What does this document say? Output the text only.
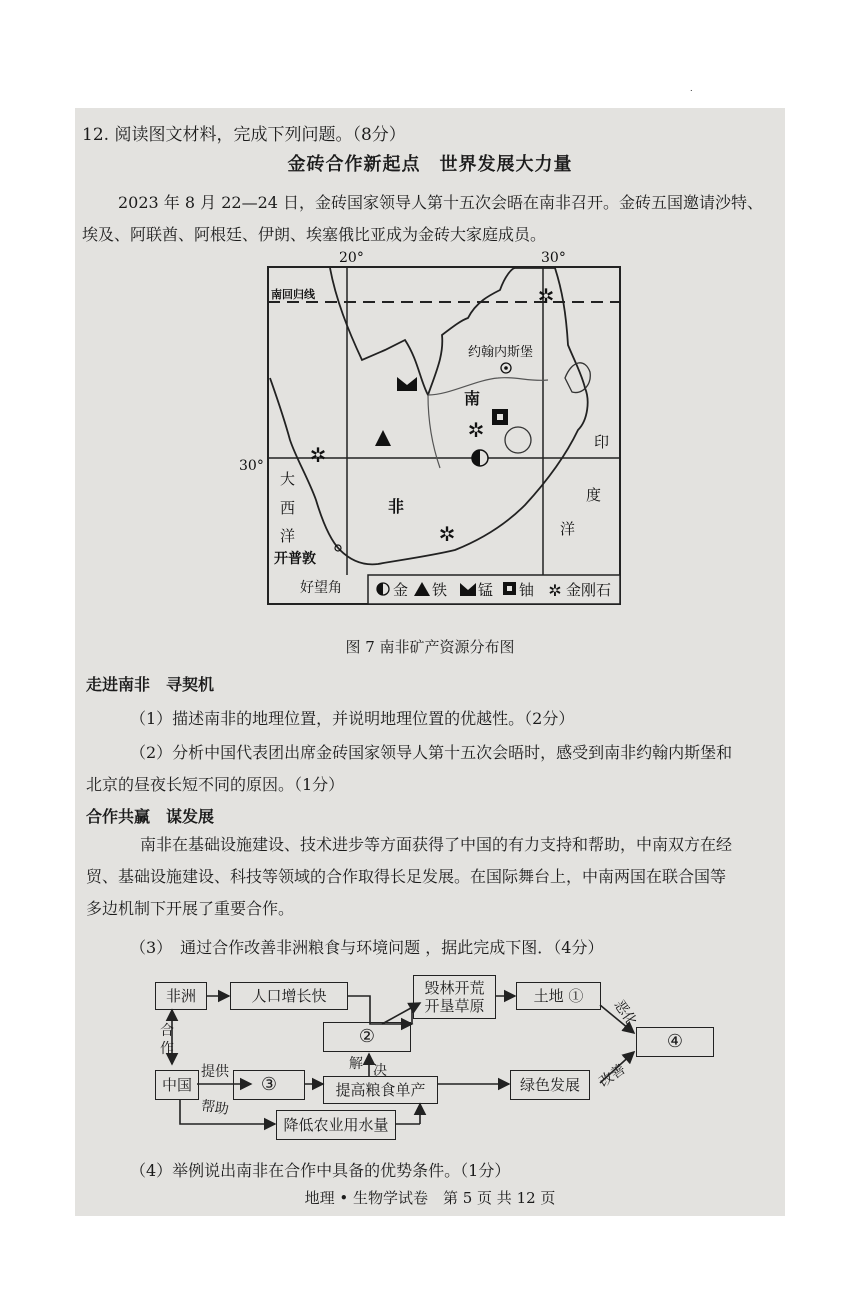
.
12. 阅读图文材料，完成下列问题。（8分）
金砖合作新起点　世界发展大力量
2023 年 8 月 22—24 日，金砖国家领导人第十五次会晤在南非召开。金砖五国邀请沙特、
埃及、阿联酋、阿根廷、伊朗、埃塞俄比亚成为金砖大家庭成员。
✲
✲
✲
✲
金 铁 锰 铀 ✲ 金刚石
20°	30°
30°
南回归线
约翰内斯堡
南
非
印
度
洋
大
西
洋
开普敦
好望角
图 7 南非矿产资源分布图
走进南非　寻契机
（1）描述南非的地理位置，并说明地理位置的优越性。（2分）
（2）分析中国代表团出席金砖国家领导人第十五次会晤时，感受到南非约翰内斯堡和
北京的昼夜长短不同的原因。（1分）
合作共赢　谋发展
南非在基础设施建设、技术进步等方面获得了中国的有力支持和帮助，中南双方在经
贸、基础设施建设、科技等领域的合作取得长足发展。在国际舞台上，中南两国在联合国等
多边机制下开展了重要合作。
（3）　通过合作改善非洲粮食与环境问题 ，据此完成下图．（4分）
非洲	人口增长快	毁林开荒
开垦草原
土地 ①
②	④
中国	③	提高粮食单产	绿色发展
降低农业用水量
合
作
提供
帮助
解 决
恶化
改善
（4）举例说出南非在合作中具备的优势条件。（1分）
地理 • 生物学试卷　第 5 页 共 12 页
